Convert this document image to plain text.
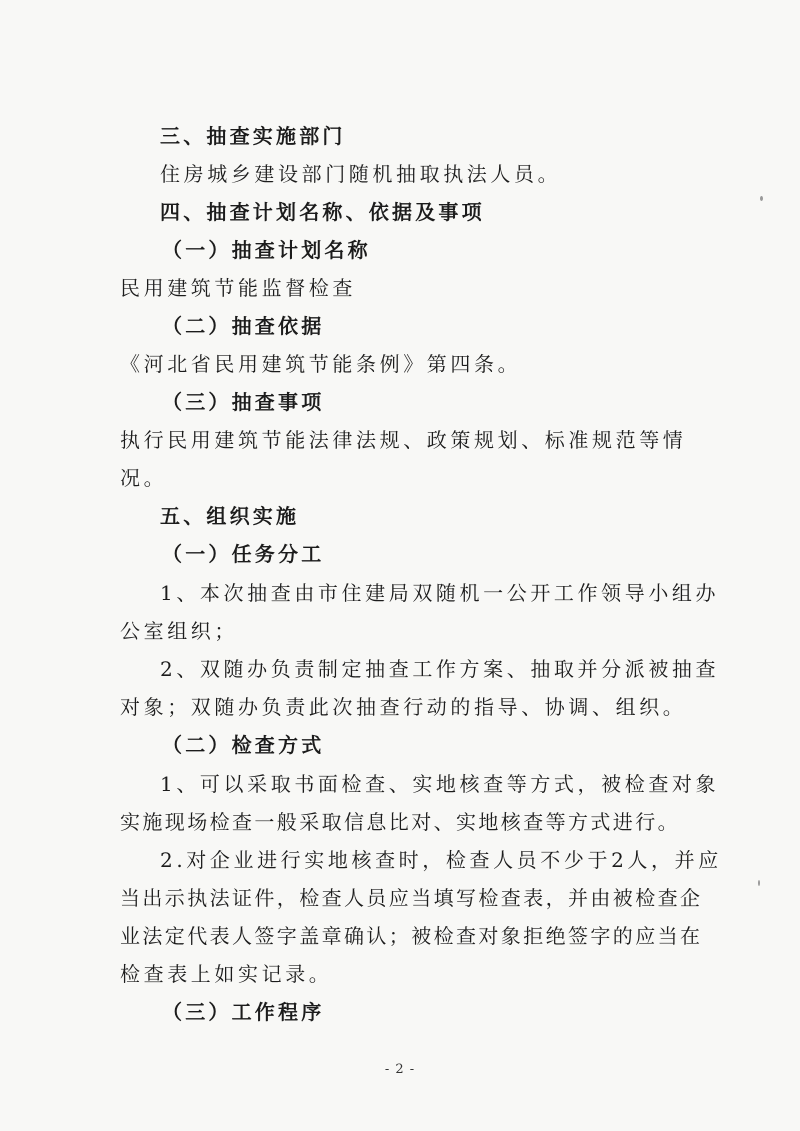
三、抽查实施部门
住房城乡建设部门随机抽取执法人员。
四、抽查计划名称、依据及事项
（一）抽查计划名称
民用建筑节能监督检查
（二）抽查依据
《河北省民用建筑节能条例》第四条。
（三）抽查事项
执行民用建筑节能法律法规、政策规划、标准规范等情
况。
五、组织实施
（一）任务分工
1、本次抽查由市住建局双随机一公开工作领导小组办
公室组织；
2、双随办负责制定抽查工作方案、抽取并分派被抽查
对象；双随办负责此次抽查行动的指导、协调、组织。
（二）检查方式
1、可以采取书面检查、实地核查等方式，被检查对象
实施现场检查一般采取信息比对、实地核查等方式进行。
2.对企业进行实地核查时，检查人员不少于2人，并应
当出示执法证件，检查人员应当填写检查表，并由被检查企
业法定代表人签字盖章确认；被检查对象拒绝签字的应当在
检查表上如实记录。
（三）工作程序
- 2 -
